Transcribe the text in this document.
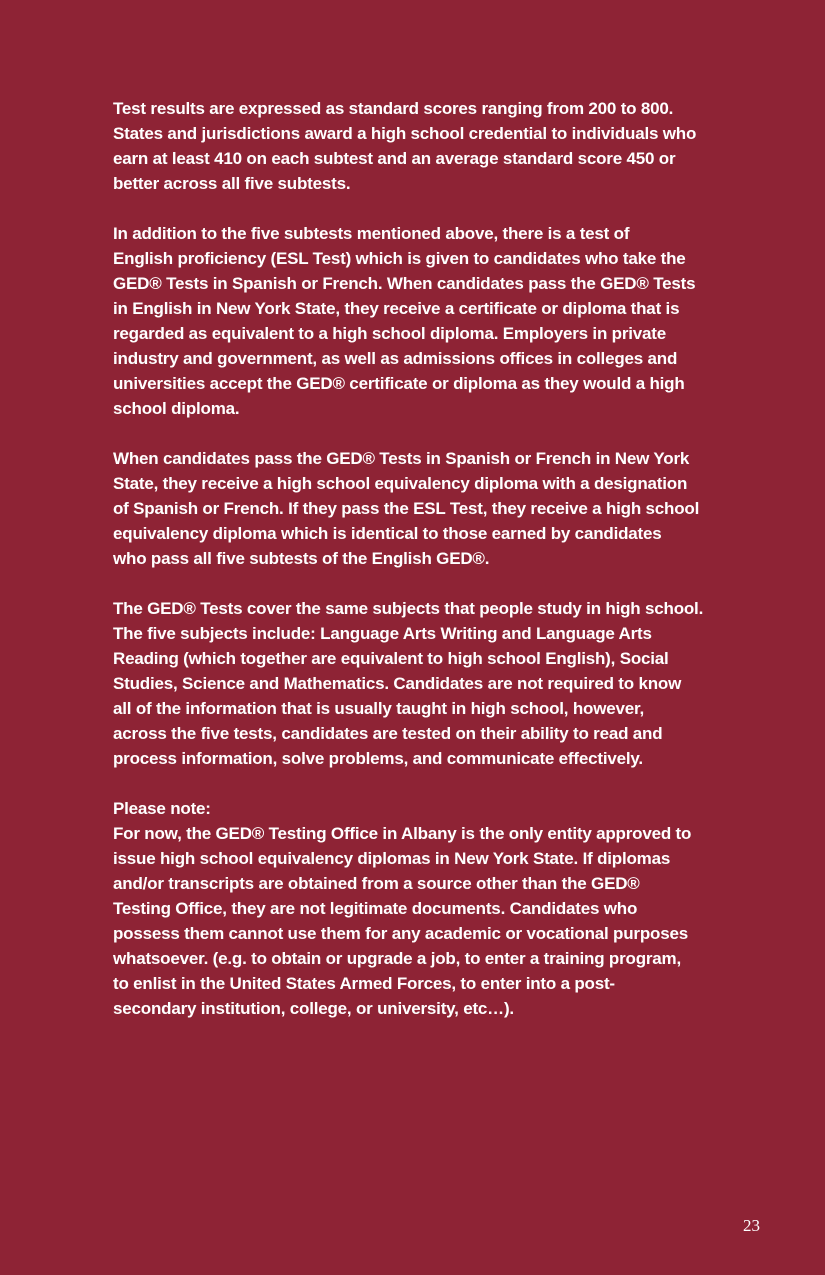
Test results are expressed as standard scores ranging from 200 to 800.
States and jurisdictions award a high school credential to individuals who
earn at least 410 on each subtest and an average standard score 450 or
better across all five subtests.

In addition to the five subtests mentioned above, there is a test of
English proficiency (ESL Test) which is given to candidates who take the
GED® Tests in Spanish or French. When candidates pass the GED® Tests
in English in New York State, they receive a certificate or diploma that is
regarded as equivalent to a high school diploma. Employers in private
industry and government, as well as admissions offices in colleges and
universities accept the GED® certificate or diploma as they would a high
school diploma.

When candidates pass the GED® Tests in Spanish or French in New York
State, they receive a high school equivalency diploma with a designation
of Spanish or French. If they pass the ESL Test, they receive a high school
equivalency diploma which is identical to those earned by candidates
who pass all five subtests of the English GED®.

The GED® Tests cover the same subjects that people study in high school.
The five subjects include: Language Arts Writing and Language Arts
Reading (which together are equivalent to high school English), Social
Studies, Science and Mathematics. Candidates are not required to know
all of the information that is usually taught in high school, however,
across the five tests, candidates are tested on their ability to read and
process information, solve problems, and communicate effectively.

Please note:
For now, the GED® Testing Office in Albany is the only entity approved to
issue high school equivalency diplomas in New York State. If diplomas
and/or transcripts are obtained from a source other than the GED®
Testing Office, they are not legitimate documents. Candidates who
possess them cannot use them for any academic or vocational purposes
whatsoever. (e.g. to obtain or upgrade a job, to enter a training program,
to enlist in the United States Armed Forces, to enter into a post-
secondary institution, college, or university, etc…).

23
